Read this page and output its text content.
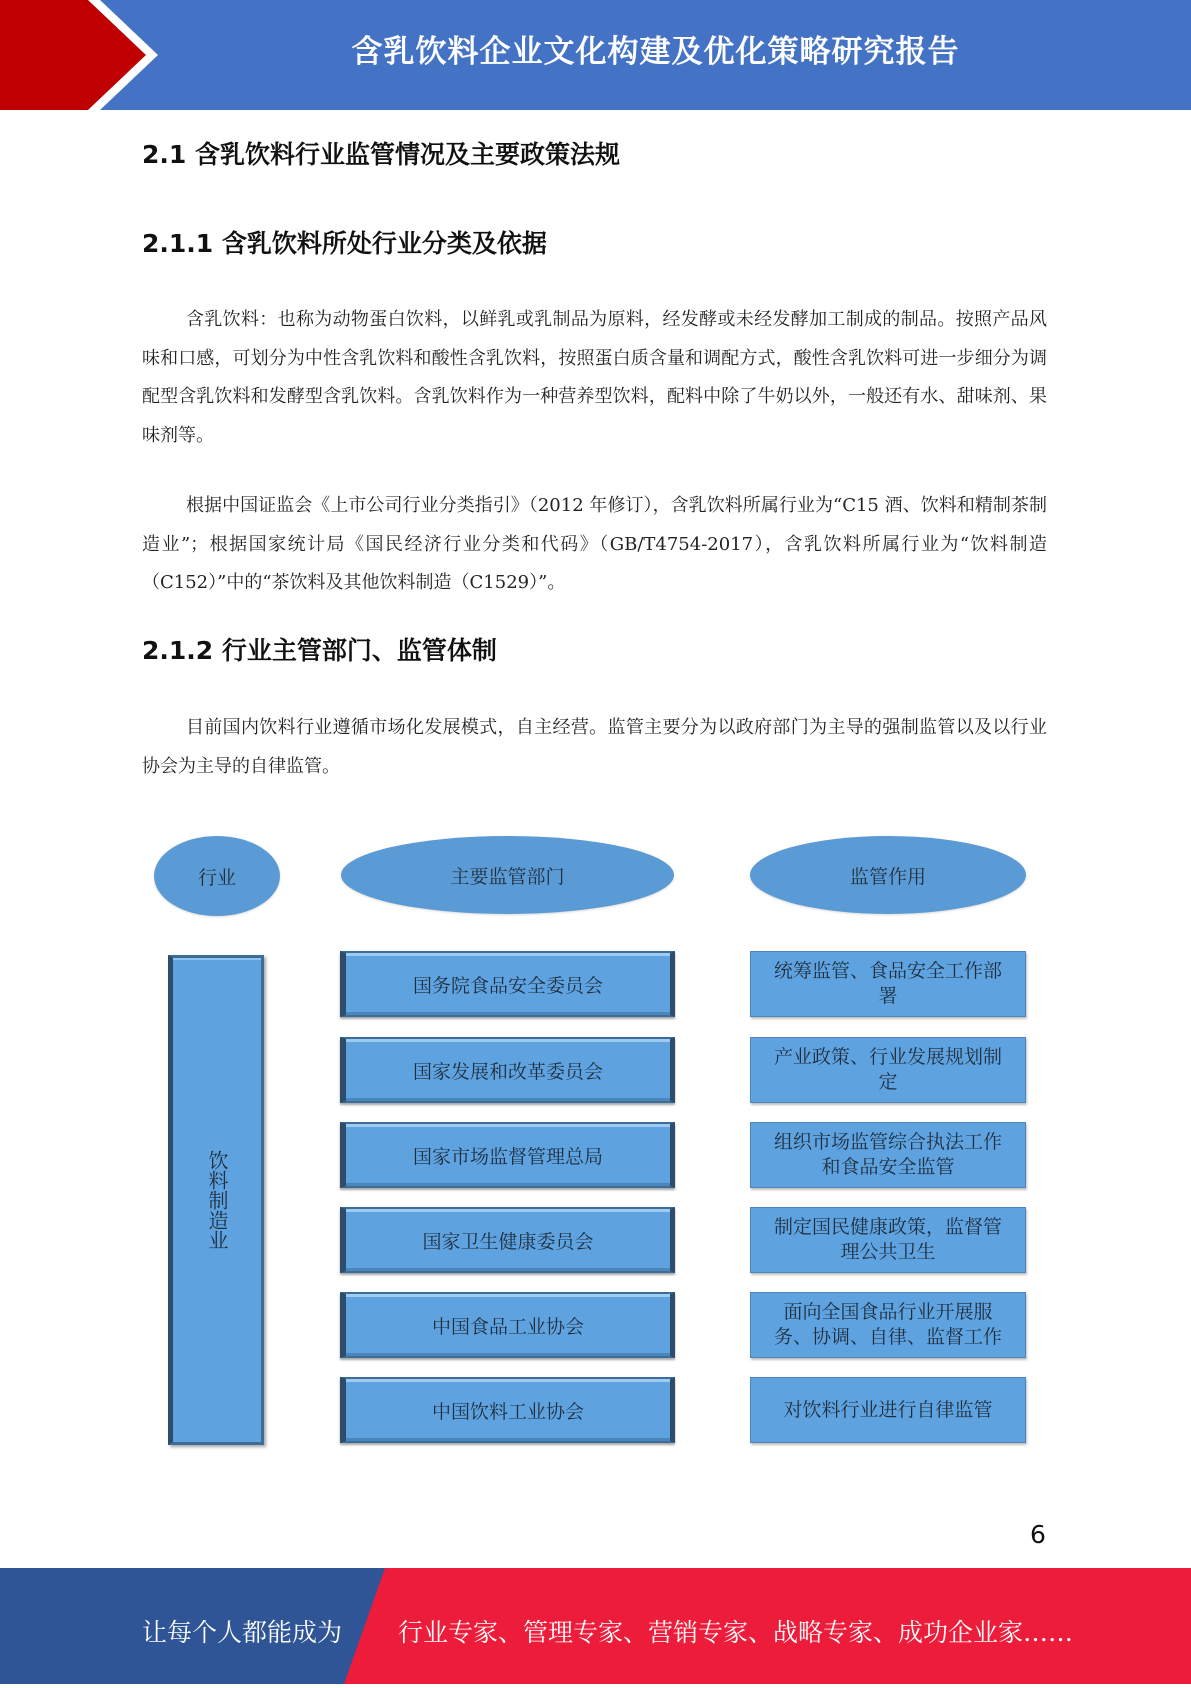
含乳饮料企业文化构建及优化策略研究报告
2.1 含乳饮料行业监管情况及主要政策法规
2.1.1 含乳饮料所处行业分类及依据

含乳饮料：也称为动物蛋白饮料，以鲜乳或乳制品为原料，经发酵或未经发酵加工制成的制品。按照产品风味和口感，可划分为中性含乳饮料和酸性含乳饮料，按照蛋白质含量和调配方式，酸性含乳饮料可进一步细分为调配型含乳饮料和发酵型含乳饮料。含乳饮料作为一种营养型饮料，配料中除了牛奶以外，一般还有水、甜味剂、果味剂等。

根据中国证监会《上市公司行业分类指引》（2012 年修订），含乳饮料所属行业为“C15 酒、饮料和精制茶制造业”；根据国家统计局《国民经济行业分类和代码》（GB/T4754-2017），含乳饮料所属行业为“饮料制造（C152）”中的“茶饮料及其他饮料制造（C1529）”。

2.1.2 行业主管部门、监管体制

目前国内饮料行业遵循市场化发展模式，自主经营。监管主要分为以政府部门为主导的强制监管以及以行业协会为主导的自律监管。

行业	主要监管部门	监管作用
饮料制造业
国务院食品安全委员会
国家发展和改革委员会
国家市场监督管理总局
国家卫生健康委员会
中国食品工业协会
中国饮料工业协会
统筹监管、食品安全工作部署
产业政策、行业发展规划制定
组织市场监管综合执法工作和食品安全监管
制定国民健康政策，监督管理公共卫生
面向全国食品行业开展服务、协调、自律、监督工作
对饮料行业进行自律监管
6
让每个人都能成为 行业专家、管理专家、营销专家、战略专家、成功企业家……
